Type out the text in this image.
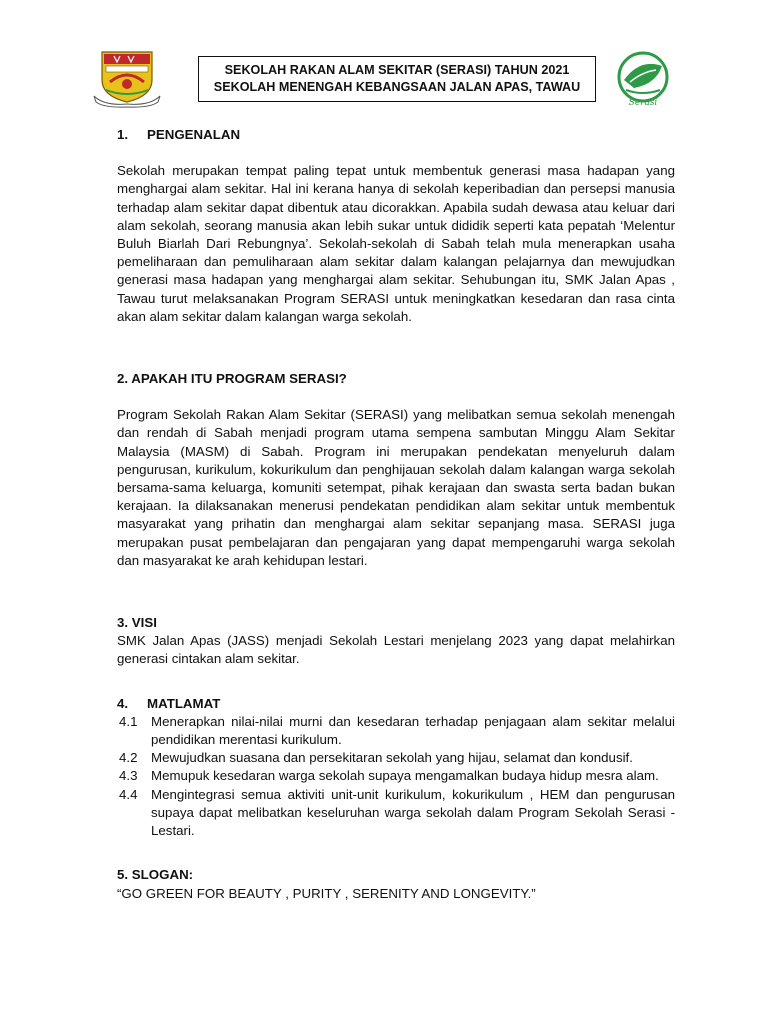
SEKOLAH RAKAN ALAM SEKITAR (SERASI) TAHUN 2021
SEKOLAH MENENGAH KEBANGSAAN JALAN APAS, TAWAU
Serasi

1. PENGENALAN

Sekolah merupakan tempat paling tepat untuk membentuk generasi masa hadapan yang menghargai alam sekitar. Hal ini kerana hanya di sekolah keperibadian dan persepsi manusia terhadap alam sekitar dapat dibentuk atau dicorakkan. Apabila sudah dewasa atau keluar dari alam sekolah, seorang manusia akan lebih sukar untuk dididik seperti kata pepatah ‘Melentur Buluh Biarlah Dari Rebungnya’. Sekolah-sekolah di Sabah telah mula menerapkan usaha pemeliharaan dan pemuliharaan alam sekitar dalam kalangan pelajarnya dan mewujudkan generasi masa hadapan yang menghargai alam sekitar. Sehubungan itu, SMK Jalan Apas , Tawau turut melaksanakan Program SERASI untuk meningkatkan kesedaran dan rasa cinta akan alam sekitar dalam kalangan warga sekolah.

2. APAKAH ITU PROGRAM SERASI?

Program Sekolah Rakan Alam Sekitar (SERASI) yang melibatkan semua sekolah menengah dan rendah di Sabah menjadi program utama sempena sambutan Minggu Alam Sekitar Malaysia (MASM) di Sabah. Program ini merupakan pendekatan menyeluruh dalam pengurusan, kurikulum, kokurikulum dan penghijauan sekolah dalam kalangan warga sekolah bersama-sama keluarga, komuniti setempat, pihak kerajaan dan swasta serta badan bukan kerajaan. Ia dilaksanakan menerusi pendekatan pendidikan alam sekitar untuk membentuk masyarakat yang prihatin dan menghargai alam sekitar sepanjang masa. SERASI juga merupakan pusat pembelajaran dan pengajaran yang dapat mempengaruhi warga sekolah dan masyarakat ke arah kehidupan lestari.

3. VISI

SMK Jalan Apas (JASS) menjadi Sekolah Lestari menjelang 2023 yang dapat melahirkan generasi cintakan alam sekitar.

4. MATLAMAT

4.1 Menerapkan nilai-nilai murni dan kesedaran terhadap penjagaan alam sekitar melalui pendidikan merentasi kurikulum.
4.2 Mewujudkan suasana dan persekitaran sekolah yang hijau, selamat dan kondusif.
4.3 Memupuk kesedaran warga sekolah supaya mengamalkan budaya hidup mesra alam.
4.4 Mengintegrasi semua aktiviti unit-unit kurikulum, kokurikulum , HEM dan pengurusan supaya dapat melibatkan keseluruhan warga sekolah dalam Program Sekolah Serasi - Lestari.

5. SLOGAN:

“GO GREEN FOR BEAUTY , PURITY , SERENITY AND LONGEVITY.”
